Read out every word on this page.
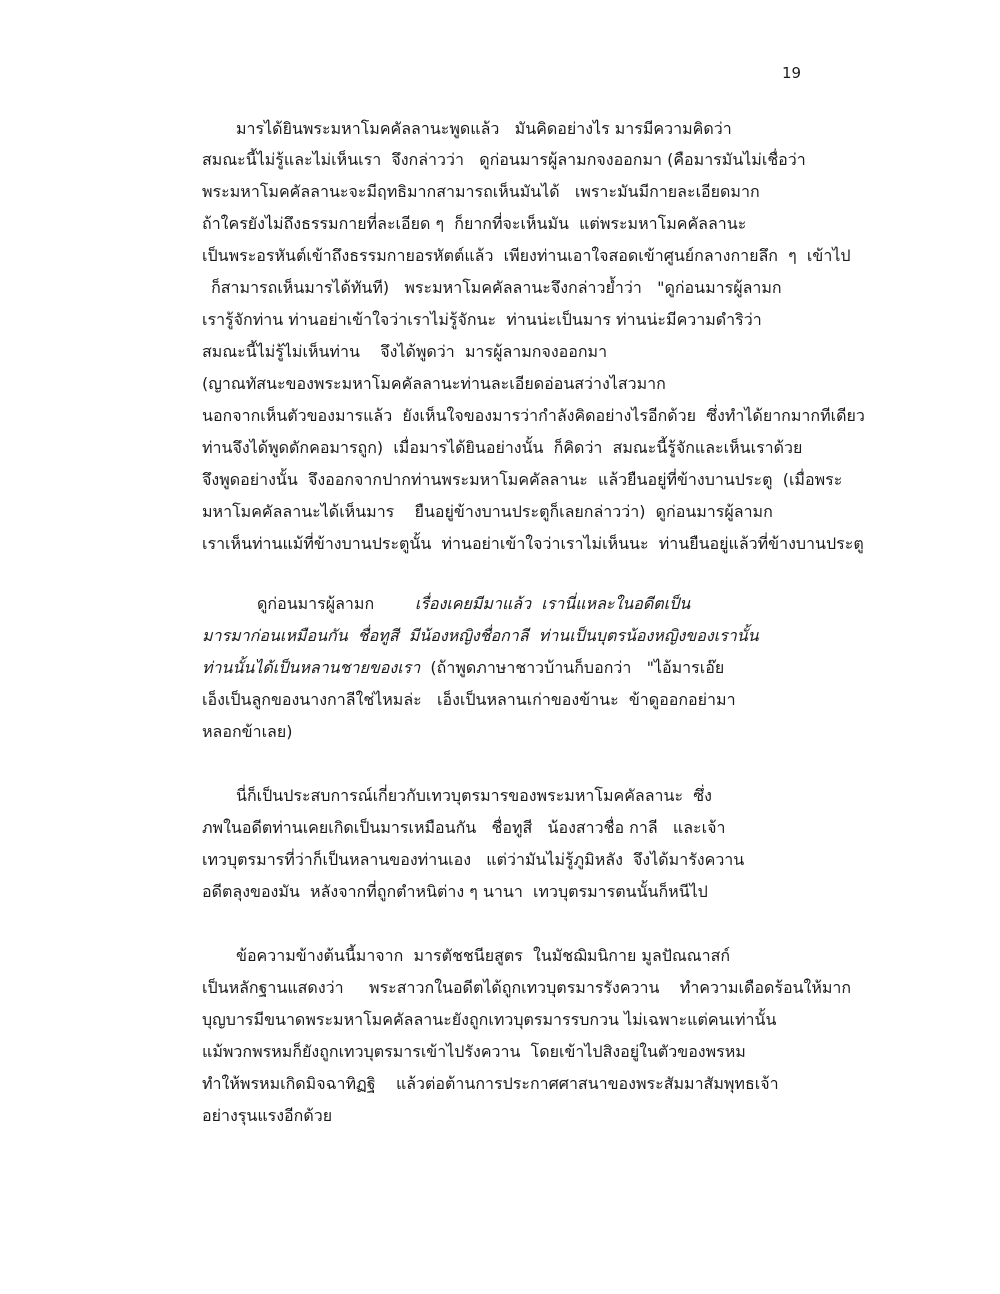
19
มารได้ยินพระมหาโมคคัลลานะพูดแล้ว   มันคิดอย่างไร มารมีความคิดว่า
สมณะนี้ไม่รู้และไม่เห็นเรา  จึงกล่าวว่า   ดูก่อนมารผู้ลามกจงออกมา (คือมารมันไม่เชื่อว่า
พระมหาโมคคัลลานะจะมีฤทธิมากสามารถเห็นมันได้   เพราะมันมีกายละเอียดมาก
ถ้าใครยังไม่ถึงธรรมกายที่ละเอียด ๆ  ก็ยากที่จะเห็นมัน  แต่พระมหาโมคคัลลานะ
เป็นพระอรหันต์เข้าถึงธรรมกายอรหัตต์แล้ว  เพียงท่านเอาใจสอดเข้าศูนย์กลางกายลึก  ๆ  เข้าไป
ก็สามารถเห็นมารได้ทันที)   พระมหาโมคคัลลานะจึงกล่าวย้ำว่า   "ดูก่อนมารผู้ลามก
เรารู้จักท่าน ท่านอย่าเข้าใจว่าเราไม่รู้จักนะ  ท่านน่ะเป็นมาร ท่านน่ะมีความดำริว่า
สมณะนี้ไม่รู้ไม่เห็นท่าน    จึงได้พูดว่า  มารผู้ลามกจงออกมา
(ญาณทัสนะของพระมหาโมคคัลลานะท่านละเอียดอ่อนสว่างไสวมาก
นอกจากเห็นตัวของมารแล้ว  ยังเห็นใจของมารว่ากำลังคิดอย่างไรอีกด้วย  ซึ่งทำได้ยากมากทีเดียว
ท่านจึงได้พูดดักคอมารถูก)  เมื่อมารได้ยินอย่างนั้น  ก็คิดว่า  สมณะนี้รู้จักและเห็นเราด้วย
จึงพูดอย่างนั้น  จึงออกจากปากท่านพระมหาโมคคัลลานะ  แล้วยืนอยู่ที่ข้างบานประตู  (เมื่อพระ
มหาโมคคัลลานะได้เห็นมาร    ยืนอยู่ข้างบานประตูก็เลยกล่าวว่า)  ดูก่อนมารผู้ลามก
เราเห็นท่านแม้ที่ข้างบานประตูนั้น  ท่านอย่าเข้าใจว่าเราไม่เห็นนะ  ท่านยืนอยู่แล้วที่ข้างบานประตู
ดูก่อนมารผู้ลามก        เรื่องเคยมีมาแล้ว  เรานี่แหละในอดีตเป็น
มารมาก่อนเหมือนกัน  ชื่อทูสี  มีน้องหญิงชื่อกาลี  ท่านเป็นบุตรน้องหญิงของเรานั้น
ท่านนั้นได้เป็นหลานชายของเรา  (ถ้าพูดภาษาชาวบ้านก็บอกว่า   "ไอ้มารเอ๊ย
เอ็งเป็นลูกของนางกาลีใช่ไหมล่ะ   เอ็งเป็นหลานเก่าของข้านะ  ข้าดูออกอย่ามา
หลอกข้าเลย)
นี่ก็เป็นประสบการณ์เกี่ยวกับเทวบุตรมารของพระมหาโมคคัลลานะ  ซึ่ง
ภพในอดีตท่านเคยเกิดเป็นมารเหมือนกัน   ชื่อทูสี   น้องสาวชื่อ กาลี   และเจ้า
เทวบุตรมารที่ว่าก็เป็นหลานของท่านเอง   แต่ว่ามันไม่รู้ภูมิหลัง  จึงได้มารังควาน
อดีตลุงของมัน  หลังจากที่ถูกตำหนิต่าง ๆ นานา  เทวบุตรมารตนนั้นก็หนีไป
ข้อความข้างต้นนี้มาจาก  มารตัชชนียสูตร  ในมัชฌิมนิกาย มูลปัณณาสก์
เป็นหลักฐานแสดงว่า     พระสาวกในอดีตได้ถูกเทวบุตรมารรังควาน    ทำความเดือดร้อนให้มาก
บุญบารมีขนาดพระมหาโมคคัลลานะยังถูกเทวบุตรมารรบกวน ไม่เฉพาะแต่คนเท่านั้น
แม้พวกพรหมก็ยังถูกเทวบุตรมารเข้าไปรังควาน  โดยเข้าไปสิงอยู่ในตัวของพรหม
ทำให้พรหมเกิดมิจฉาทิฏฐิ    แล้วต่อต้านการประกาศศาสนาของพระสัมมาสัมพุทธเจ้า
อย่างรุนแรงอีกด้วย
